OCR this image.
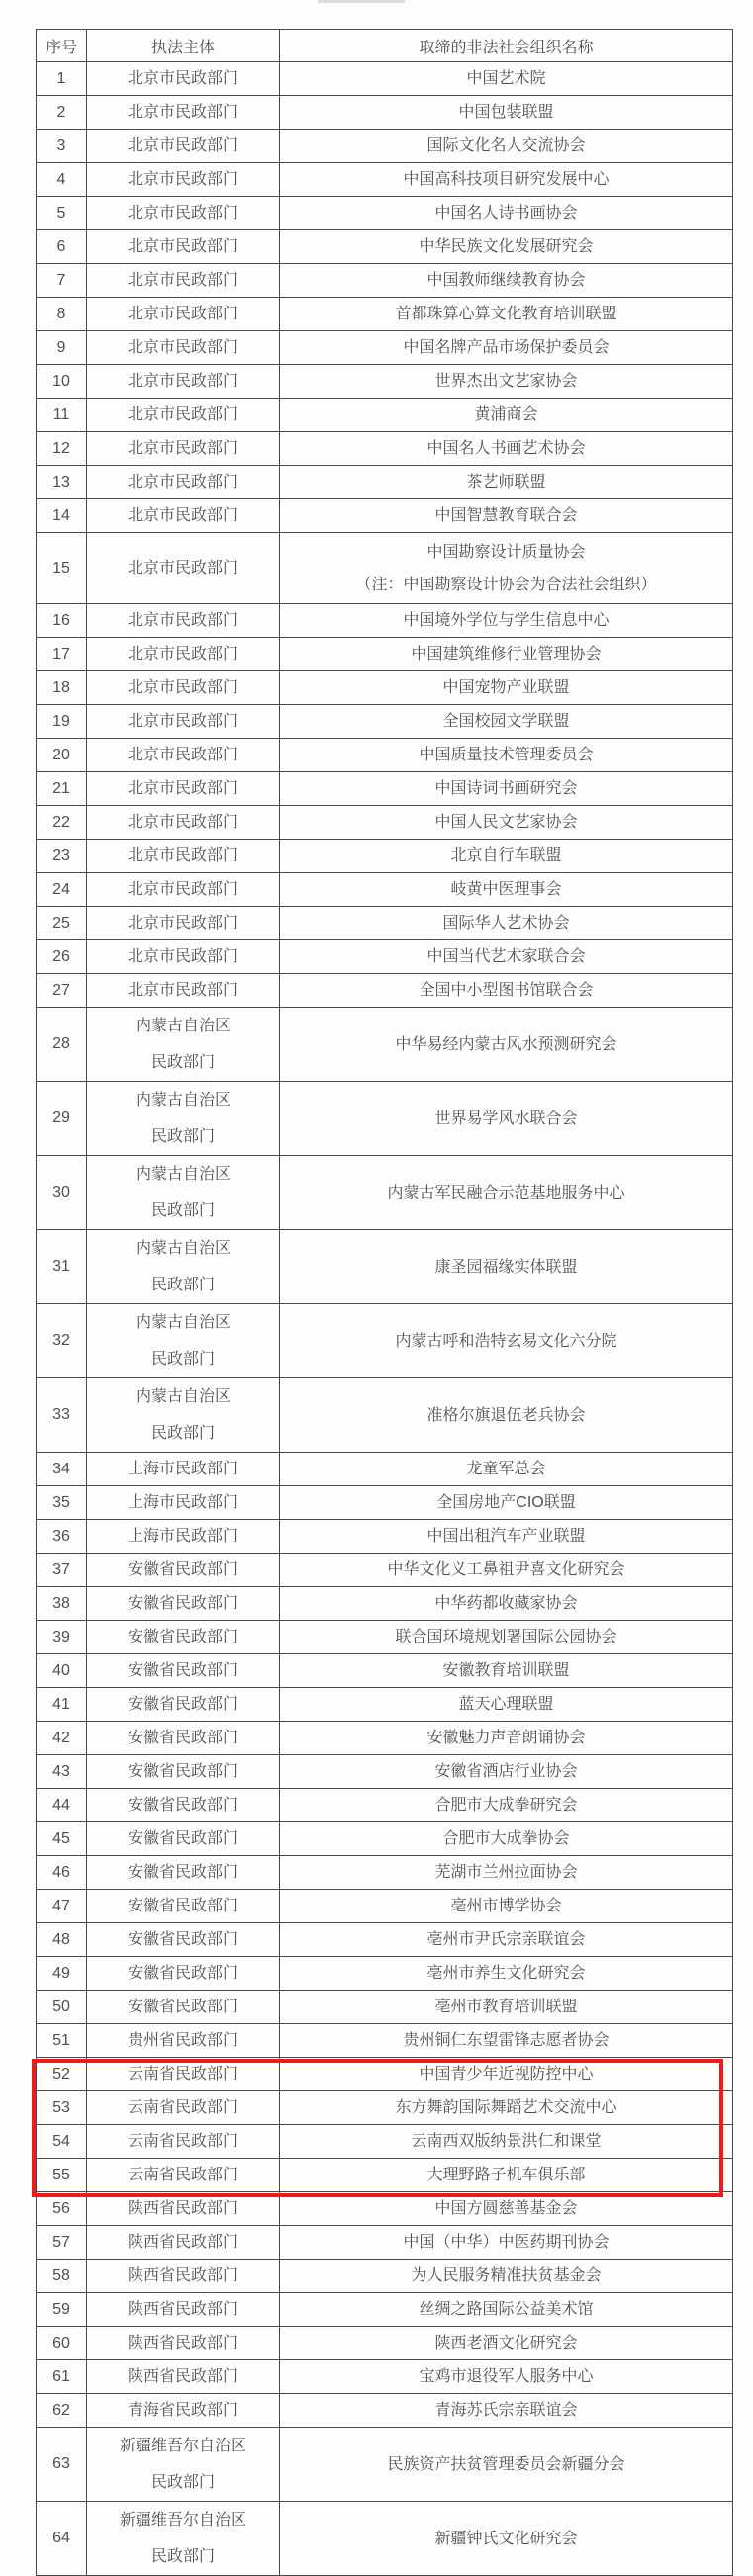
序号	执法主体	取缔的非法社会组织名称
1	北京市民政部门	中国艺术院

2	北京市民政部门	中国包装联盟

3	北京市民政部门	国际文化名人交流协会

4	北京市民政部门	中国高科技项目研究发展中心

5	北京市民政部门	中国名人诗书画协会

6	北京市民政部门	中华民族文化发展研究会

7	北京市民政部门	中国教师继续教育协会

8	北京市民政部门	首都珠算心算文化教育培训联盟

9	北京市民政部门	中国名牌产品市场保护委员会

10	北京市民政部门	世界杰出文艺家协会

11	北京市民政部门	黄浦商会

12	北京市民政部门	中国名人书画艺术协会

13	北京市民政部门	茶艺师联盟

14	北京市民政部门	中国智慧教育联合会

15	北京市民政部门	中国勘察设计质量协会
（注：中国勘察设计协会为合法社会组织）

16	北京市民政部门	中国境外学位与学生信息中心

17	北京市民政部门	中国建筑维修行业管理协会

18	北京市民政部门	中国宠物产业联盟

19	北京市民政部门	全国校园文学联盟

20	北京市民政部门	中国质量技术管理委员会

21	北京市民政部门	中国诗词书画研究会

22	北京市民政部门	中国人民文艺家协会

23	北京市民政部门	北京自行车联盟

24	北京市民政部门	岐黄中医理事会

25	北京市民政部门	国际华人艺术协会

26	北京市民政部门	中国当代艺术家联合会

27	北京市民政部门	全国中小型图书馆联合会

28	内蒙古自治区
民政部门	中华易经内蒙古风水预测研究会

29	内蒙古自治区
民政部门	世界易学风水联合会

30	内蒙古自治区
民政部门	内蒙古军民融合示范基地服务中心

31	内蒙古自治区
民政部门	康圣园福缘实体联盟

32	内蒙古自治区
民政部门	内蒙古呼和浩特玄易文化六分院

33	内蒙古自治区
民政部门	准格尔旗退伍老兵协会

34	上海市民政部门	龙童军总会

35	上海市民政部门	全国房地产CIO联盟

36	上海市民政部门	中国出租汽车产业联盟

37	安徽省民政部门	中华文化义工鼻祖尹喜文化研究会

38	安徽省民政部门	中华药都收藏家协会

39	安徽省民政部门	联合国环境规划署国际公园协会

40	安徽省民政部门	安徽教育培训联盟

41	安徽省民政部门	蓝天心理联盟

42	安徽省民政部门	安徽魅力声音朗诵协会

43	安徽省民政部门	安徽省酒店行业协会

44	安徽省民政部门	合肥市大成拳研究会

45	安徽省民政部门	合肥市大成拳协会

46	安徽省民政部门	芜湖市兰州拉面协会

47	安徽省民政部门	亳州市博学协会

48	安徽省民政部门	亳州市尹氏宗亲联谊会

49	安徽省民政部门	亳州市养生文化研究会

50	安徽省民政部门	亳州市教育培训联盟

51	贵州省民政部门	贵州铜仁东望雷锋志愿者协会

52	云南省民政部门	中国青少年近视防控中心

53	云南省民政部门	东方舞韵国际舞蹈艺术交流中心

54	云南省民政部门	云南西双版纳景洪仁和课堂

55	云南省民政部门	大理野路子机车俱乐部

56	陕西省民政部门	中国方圆慈善基金会

57	陕西省民政部门	中国（中华）中医药期刊协会

58	陕西省民政部门	为人民服务精准扶贫基金会

59	陕西省民政部门	丝绸之路国际公益美术馆

60	陕西省民政部门	陕西老酒文化研究会

61	陕西省民政部门	宝鸡市退役军人服务中心

62	青海省民政部门	青海苏氏宗亲联谊会

63	新疆维吾尔自治区
民政部门	民族资产扶贫管理委员会新疆分会

64	新疆维吾尔自治区
民政部门	新疆钟氏文化研究会
